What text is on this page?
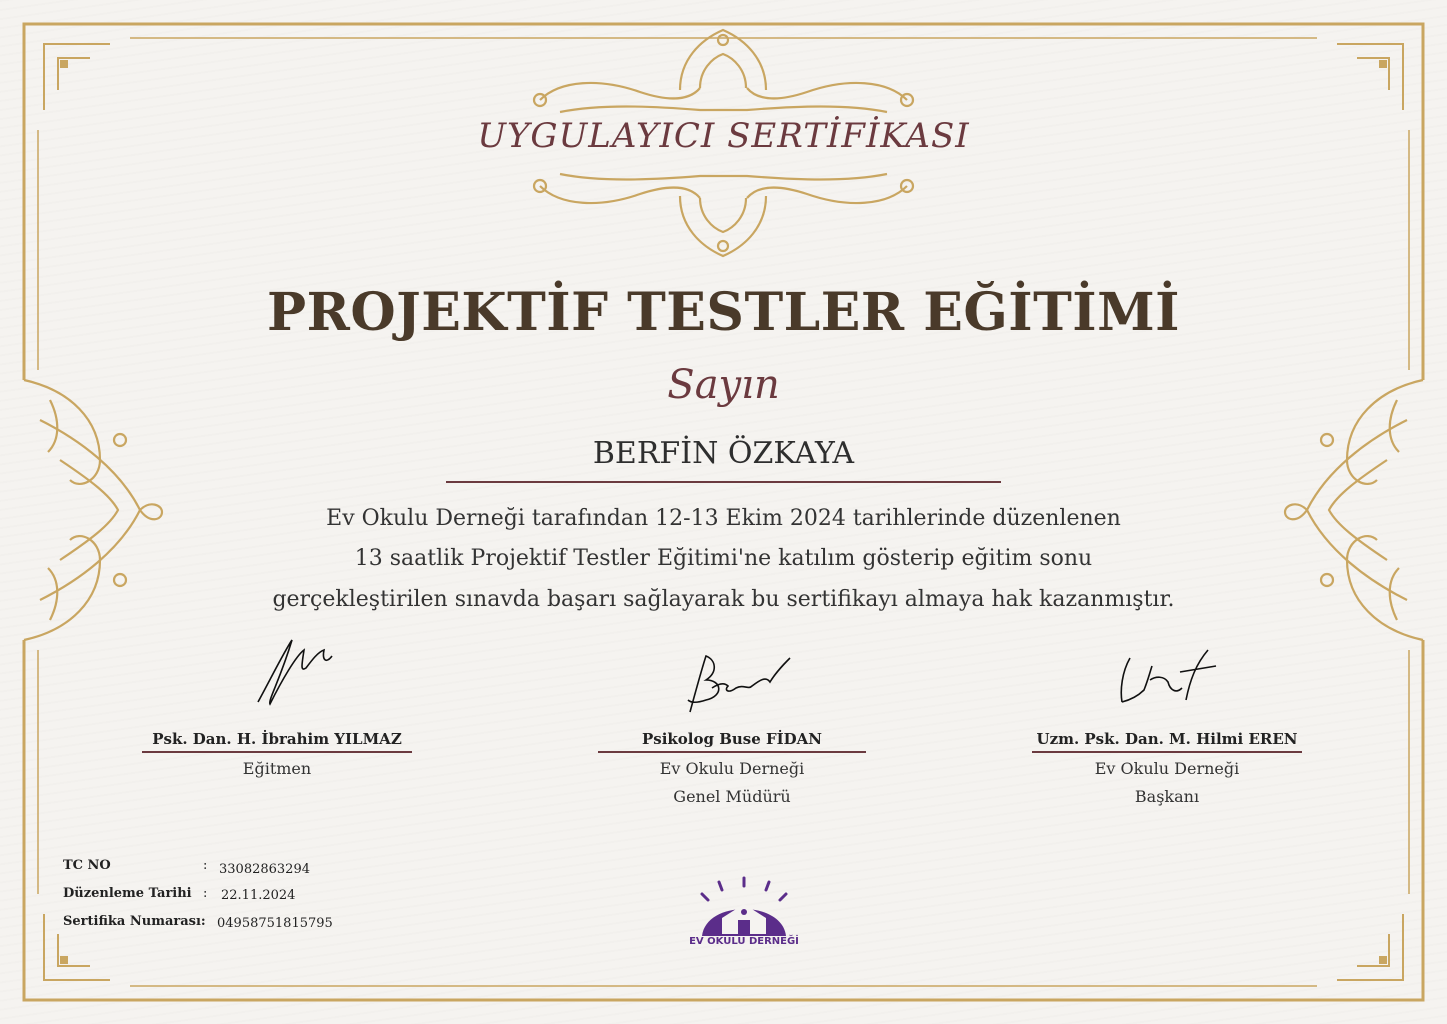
UYGULAYICI SERTİFİKASI
PROJEKTİF TESTLER EĞİTİMİ
Sayın
BERFİN ÖZKAYA
Ev Okulu Derneği tarafından 12-13 Ekim 2024 tarihlerinde düzenlenen
13 saatlik Projektif Testler Eğitimi'ne katılım gösterip eğitim sonu
gerçekleştirilen sınavda başarı sağlayarak bu sertifikayı almaya hak kazanmıştır.
Psk. Dan. H. İbrahim YILMAZ
Eğitmen
Psikolog Buse FİDAN
Ev Okulu Derneği
Genel Müdürü
Uzm. Psk. Dan. M. Hilmi EREN
Ev Okulu Derneği
Başkanı
TC NO	: 33082863294
Düzenleme Tarihi : 22.11.2024
Sertifika Numarası: 04958751815795
EV OKULU DERNEĞİ
